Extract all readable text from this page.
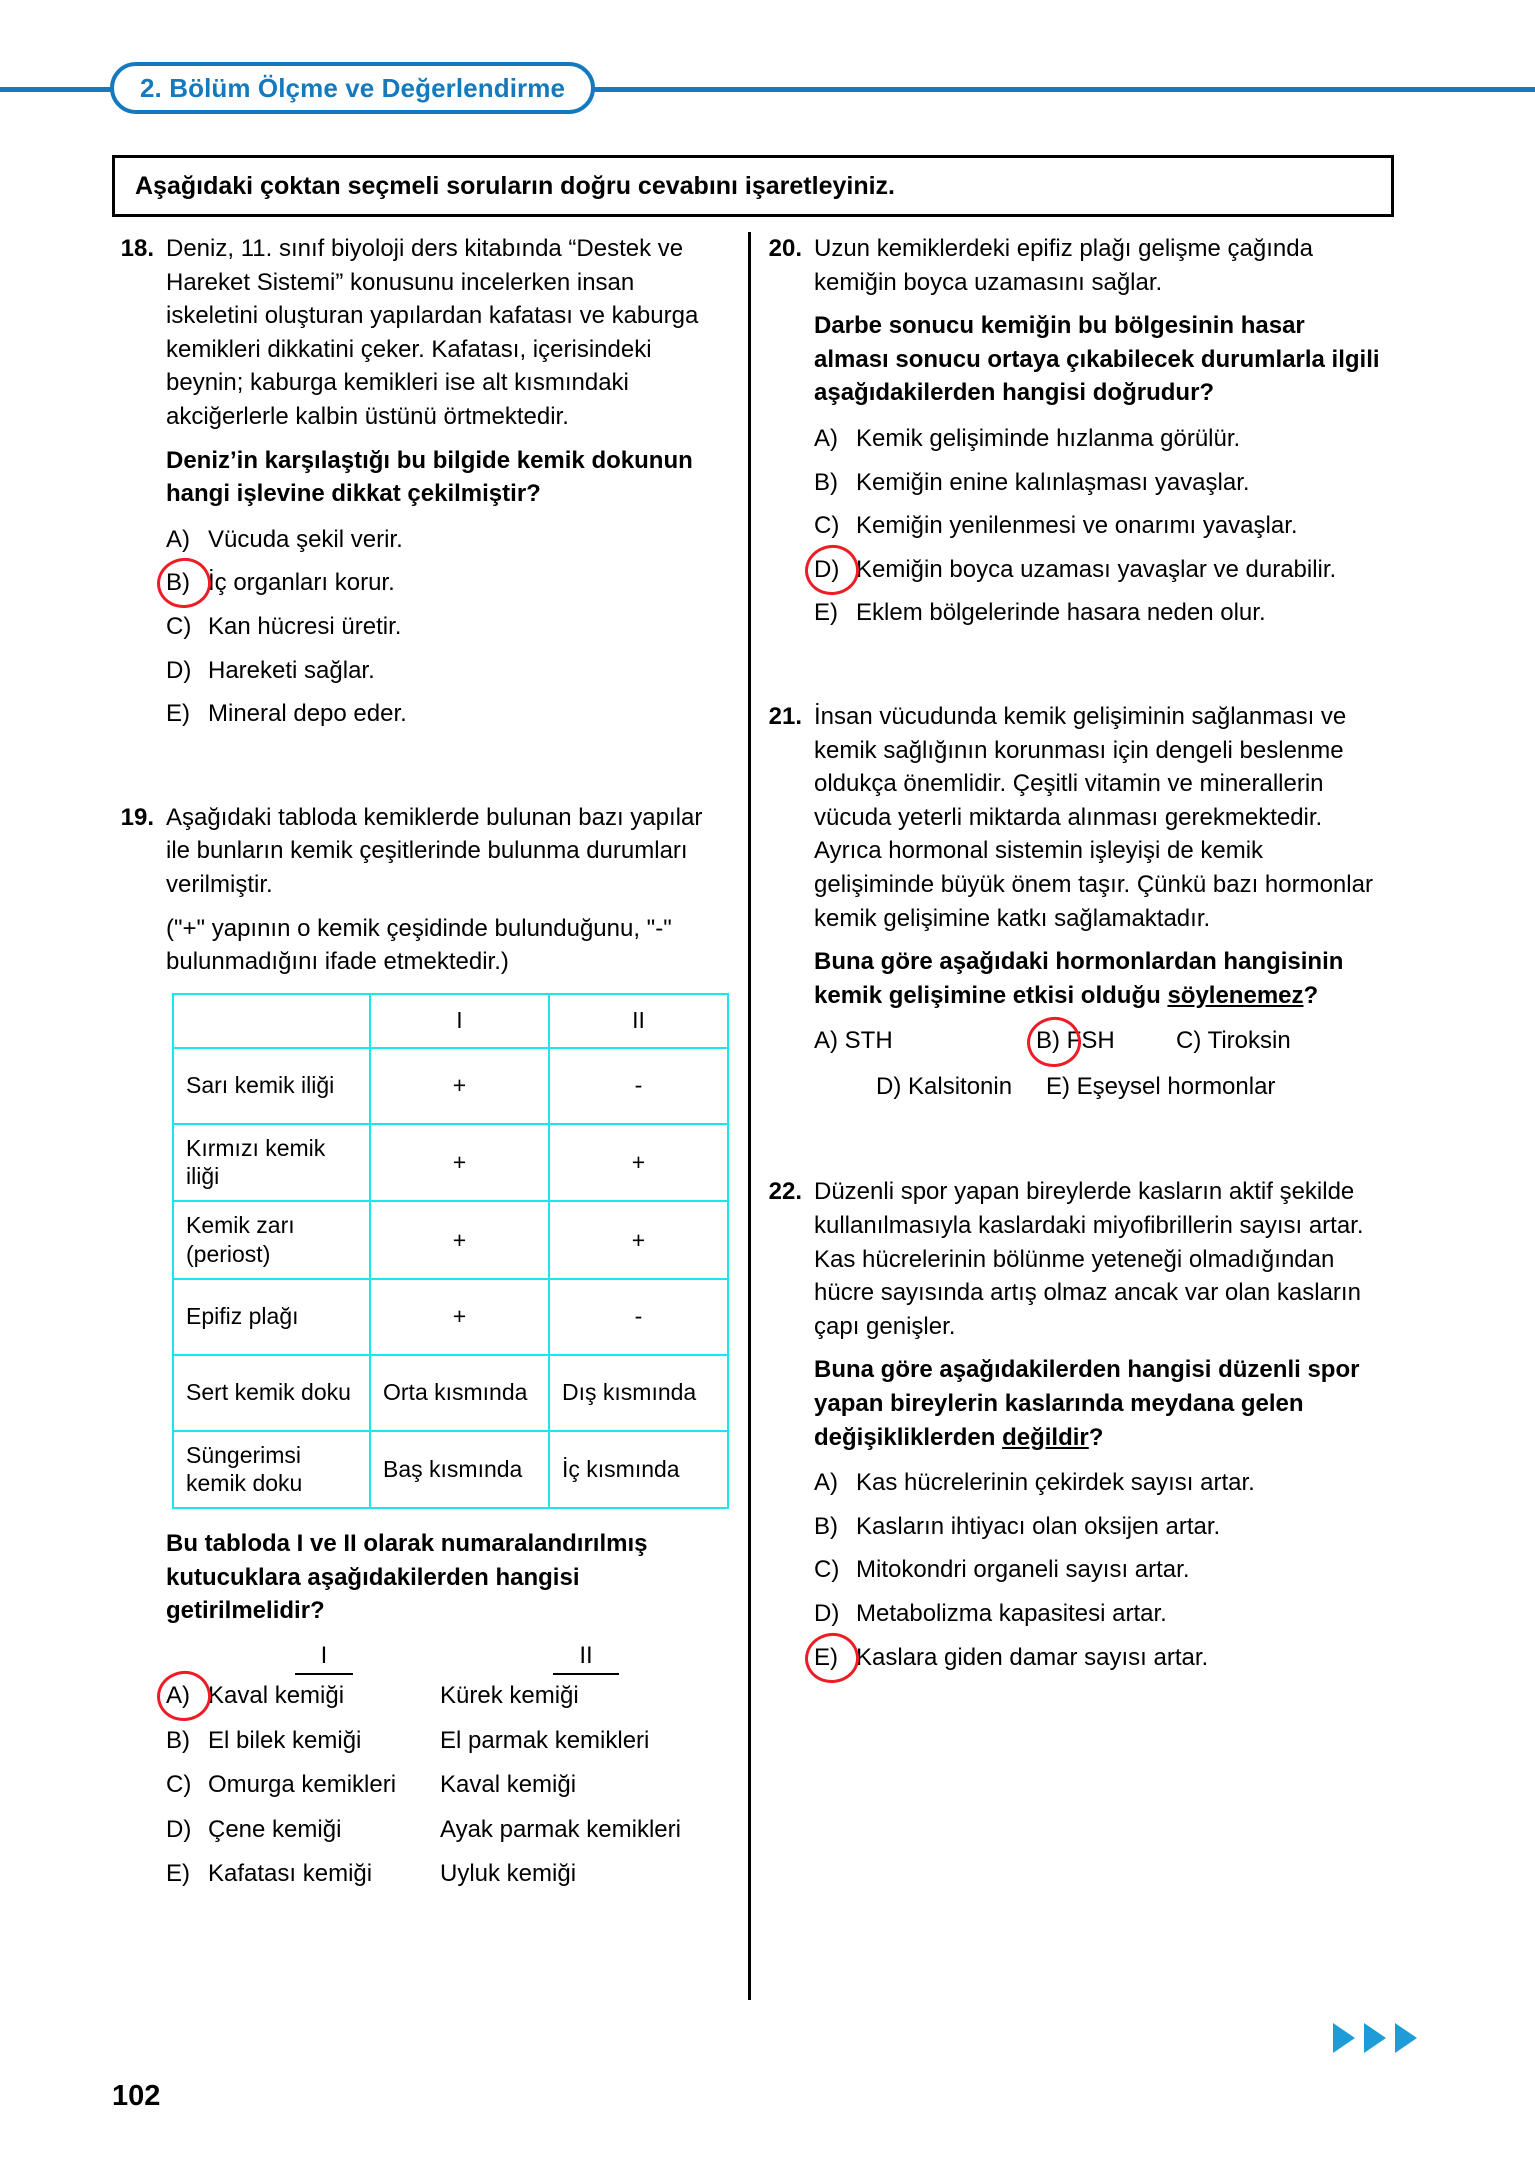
2. Bölüm Ölçme ve Değerlendirme
Aşağıdaki çoktan seçmeli soruların doğru cevabını işaretleyiniz.
18. Deniz, 11. sınıf biyoloji ders kitabında “Destek ve Hareket Sistemi” konusunu incelerken insan iskeletini oluşturan yapılardan kafatası ve kaburga kemikleri dikkatini çeker. Kafatası, içerisindeki beynin; kaburga kemikleri ise alt kısmındaki akciğerlerle kalbin üstünü örtmektedir.

Deniz’in karşılaştığı bu bilgide kemik dokunun hangi işlevine dikkat çekilmiştir?

A) Vücuda şekil verir.
B) İç organları korur.
C) Kan hücresi üretir.
D) Hareketi sağlar.
E) Mineral depo eder.
19. Aşağıdaki tabloda kemiklerde bulunan bazı yapılar ile bunların kemik çeşitlerinde bulunma durumları verilmiştir.

("+" yapının o kemik çeşidinde bulunduğunu, "-" bulunmadığını ifade etmektedir.)

	I	II
Sarı kemik iliği	+	-
Kırmızı kemik iliği	+	+
Kemik zarı (periost)	+	+
Epifiz plağı	+	-
Sert kemik doku	Orta kısmında	Dış kısmında
Süngerimsi kemik doku	Baş kısmında	İç kısmında

Bu tabloda I ve II olarak numaralandırılmış kutucuklara aşağıdakilerden hangisi getirilmelidir?

I	II
A) Kaval kemiği	Kürek kemiği
B) El bilek kemiği	El parmak kemikleri
C) Omurga kemikleri	Kaval kemiği
D) Çene kemiği	Ayak parmak kemikleri
E) Kafatası kemiği	Uyluk kemiği
20. Uzun kemiklerdeki epifiz plağı gelişme çağında kemiğin boyca uzamasını sağlar.

Darbe sonucu kemiğin bu bölgesinin hasar alması sonucu ortaya çıkabilecek durumlarla ilgili aşağıdakilerden hangisi doğrudur?

A) Kemik gelişiminde hızlanma görülür.
B) Kemiğin enine kalınlaşması yavaşlar.
C) Kemiğin yenilenmesi ve onarımı yavaşlar.
D) Kemiğin boyca uzaması yavaşlar ve durabilir.
E) Eklem bölgelerinde hasara neden olur.
21. İnsan vücudunda kemik gelişiminin sağlanması ve kemik sağlığının korunması için dengeli beslenme oldukça önemlidir. Çeşitli vitamin ve minerallerin vücuda yeterli miktarda alınması gerekmektedir. Ayrıca hormonal sistemin işleyişi de kemik gelişiminde büyük önem taşır. Çünkü bazı hormonlar kemik gelişimine katkı sağlamaktadır.

Buna göre aşağıdaki hormonlardan hangisinin kemik gelişimine etkisi olduğu söylenemez?

A) STH	B) FSH	C) Tiroksin
D) Kalsitonin	E) Eşeysel hormonlar
22. Düzenli spor yapan bireylerde kasların aktif şekilde kullanılmasıyla kaslardaki miyofibrillerin sayısı artar. Kas hücrelerinin bölünme yeteneği olmadığından hücre sayısında artış olmaz ancak var olan kasların çapı genişler.

Buna göre aşağıdakilerden hangisi düzenli spor yapan bireylerin kaslarında meydana gelen değişikliklerden değildir?

A) Kas hücrelerinin çekirdek sayısı artar.
B) Kasların ihtiyacı olan oksijen artar.
C) Mitokondri organeli sayısı artar.
D) Metabolizma kapasitesi artar.
E) Kaslara giden damar sayısı artar.
102
